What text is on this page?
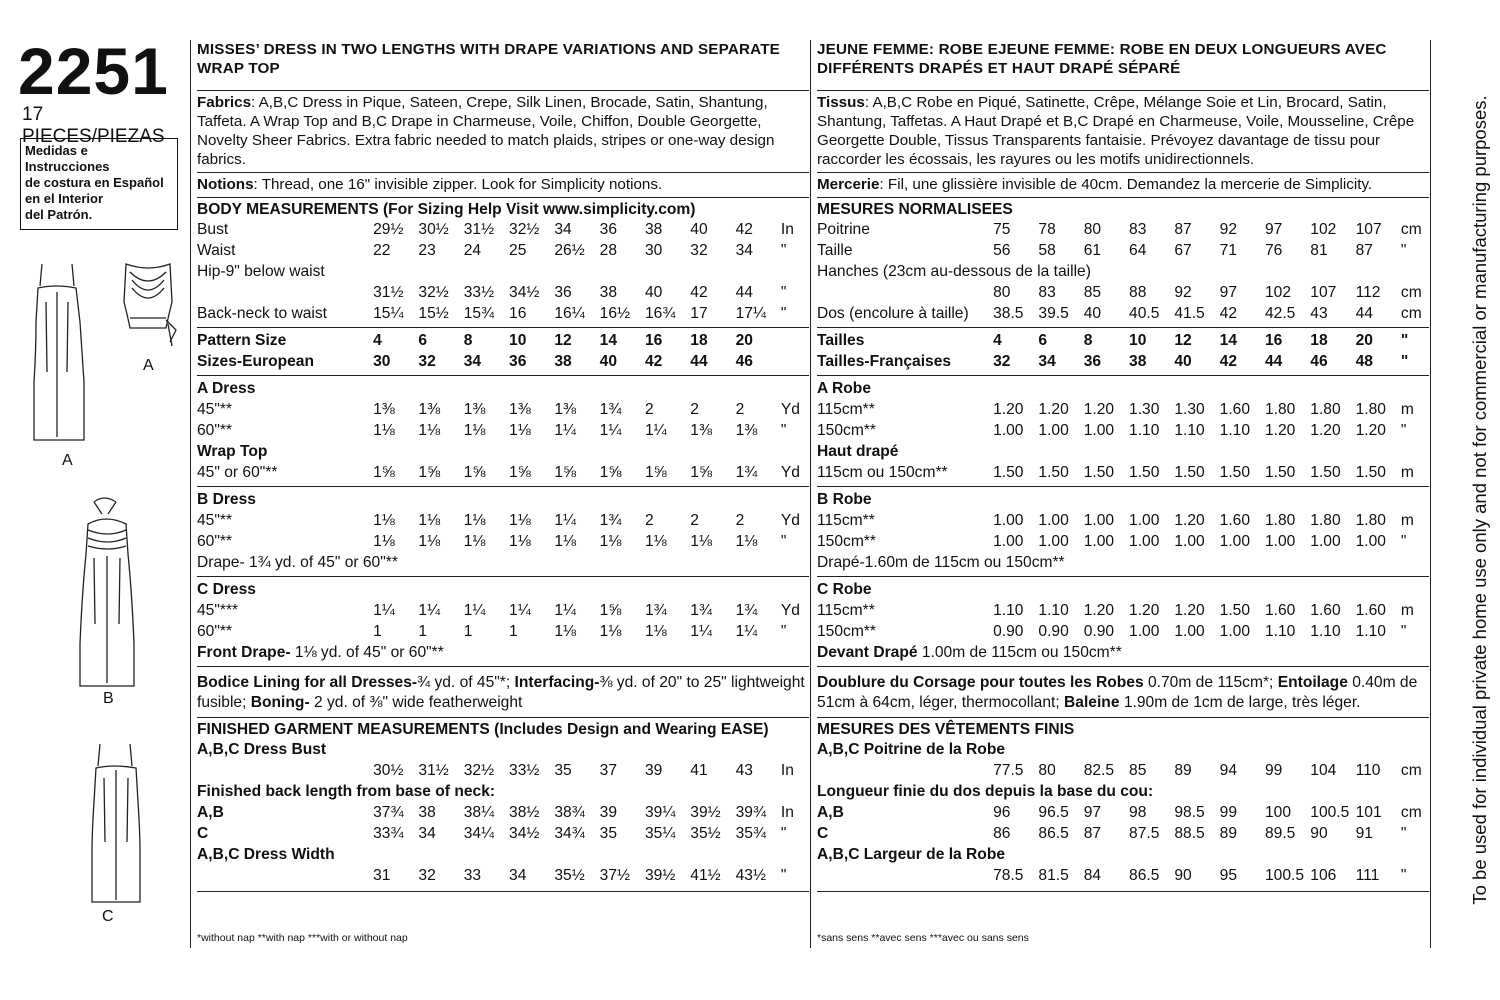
2251
17 PIECES/PIEZAS
Medidas e Instrucciones
de costura en Español
en el Interior
del Patrón.
A
A
B
C
MISSES’ DRESS IN TWO LENGTHS WITH DRAPE VARIATIONS AND SEPARATE WRAP TOP
Fabrics: A,B,C Dress in Pique, Sateen, Crepe, Silk Linen, Brocade, Satin, Shantung, Taffeta. A Wrap Top and B,C Drape in Charmeuse, Voile, Chiffon, Double Georgette, Novelty Sheer Fabrics. Extra fabric needed to match plaids, stripes or one-way design fabrics.
Notions: Thread, one 16" invisible zipper. Look for Simplicity notions.
BODY MEASUREMENTS (For Sizing Help Visit www.simplicity.com)
Bust	29½	30½	31½	32½	34	36	38	40	42	In
Waist	22	23	24	25	26½	28	30	32	34	"
Hip-9" below waist										
	31½	32½	33½	34½	36	38	40	42	44	"
Back-neck to waist	15¼	15½	15¾	16	16¼	16½	16¾	17	17¼	"
Pattern Size	4	6	8	10	12	14	16	18	20	
Sizes-European	30	32	34	36	38	40	42	44	46	
A Dress										
45"**	1⅜	1⅜	1⅜	1⅜	1⅜	1¾	2	2	2	Yd
60"**	1⅛	1⅛	1⅛	1⅛	1¼	1¼	1¼	1⅜	1⅜	"
Wrap Top										
45" or 60"**	1⅝	1⅝	1⅝	1⅝	1⅝	1⅝	1⅝	1⅝	1¾	Yd
B Dress										
45"**	1⅛	1⅛	1⅛	1⅛	1¼	1¾	2	2	2	Yd
60"**	1⅛	1⅛	1⅛	1⅛	1⅛	1⅛	1⅛	1⅛	1⅛	"
Drape- 1¾ yd. of 45" or 60"**
C Dress										
45"***	1¼	1¼	1¼	1¼	1¼	1⅝	1¾	1¾	1¾	Yd
60"**	1	1	1	1	1⅛	1⅛	1⅛	1¼	1¼	"
Front Drape- 1⅛ yd. of 45" or 60"**
Bodice Lining for all Dresses-¾ yd. of 45"*; Interfacing-⅜ yd. of 20" to 25" lightweight fusible; Boning- 2 yd. of ⅜" wide featherweight
FINISHED GARMENT MEASUREMENTS (Includes Design and Wearing EASE)
A,B,C Dress Bust										
	30½	31½	32½	33½	35	37	39	41	43	In
Finished back length from base of neck:										
A,B	37¾	38	38¼	38½	38¾	39	39¼	39½	39¾	In
C	33¾	34	34¼	34½	34¾	35	35¼	35½	35¾	"
A,B,C Dress Width										
	31	32	33	34	35½	37½	39½	41½	43½	"
JEUNE FEMME: ROBE EJEUNE FEMME: ROBE EN DEUX LONGUEURS AVEC DIFFÉRENTS DRAPÉS ET HAUT DRAPÉ SÉPARÉ
Tissus: A,B,C Robe en Piqué, Satinette, Crêpe, Mélange Soie et Lin, Brocard, Satin, Shantung, Taffetas. A Haut Drapé et B,C Drapé en Charmeuse, Voile, Mousseline, Crêpe Georgette Double, Tissus Transparents fantaisie. Prévoyez davantage de tissu pour raccorder les écossais, les rayures ou les motifs unidirectionnels.
Mercerie: Fil, une glissière invisible de 40cm. Demandez la mercerie de Simplicity.
MESURES NORMALISEES
Poitrine	75	78	80	83	87	92	97	102	107	cm
Taille	56	58	61	64	67	71	76	81	87	"
Hanches (23cm au-dessous de la taille)										
	80	83	85	88	92	97	102	107	112	cm
Dos (encolure à taille)	38.5	39.5	40	40.5	41.5	42	42.5	43	44	cm
Tailles	4	6	8	10	12	14	16	18	20	"
Tailles-Françaises	32	34	36	38	40	42	44	46	48	"
A Robe										
115cm**	1.20	1.20	1.20	1.30	1.30	1.60	1.80	1.80	1.80	m
150cm**	1.00	1.00	1.00	1.10	1.10	1.10	1.20	1.20	1.20	"
Haut drapé										
115cm ou 150cm**	1.50	1.50	1.50	1.50	1.50	1.50	1.50	1.50	1.50	m
B Robe										
115cm**	1.00	1.00	1.00	1.00	1.20	1.60	1.80	1.80	1.80	m
150cm**	1.00	1.00	1.00	1.00	1.00	1.00	1.00	1.00	1.00	"
Drapé-1.60m de 115cm ou 150cm**
C Robe										
115cm**	1.10	1.10	1.20	1.20	1.20	1.50	1.60	1.60	1.60	m
150cm**	0.90	0.90	0.90	1.00	1.00	1.00	1.10	1.10	1.10	"
Devant Drapé 1.00m de 115cm ou 150cm**
Doublure du Corsage pour toutes les Robes 0.70m de 115cm*; Entoilage 0.40m de 51cm à 64cm, léger, thermocollant; Baleine 1.90m de 1cm de large, très léger.
MESURES DES VÊTEMENTS FINIS
A,B,C Poitrine de la Robe										
	77.5	80	82.5	85	89	94	99	104	110	cm
Longueur finie du dos depuis la base du cou:										
A,B	96	96.5	97	98	98.5	99	100	100.5	101	cm
C	86	86.5	87	87.5	88.5	89	89.5	90	91	"
A,B,C Largeur de la Robe										
	78.5	81.5	84	86.5	90	95	100.5	106	111	"
*without nap **with nap ***with or without nap	*sans sens **avec sens ***avec ou sans sens
To be used for individual private home use only and not for commercial or manufacturing purposes.
